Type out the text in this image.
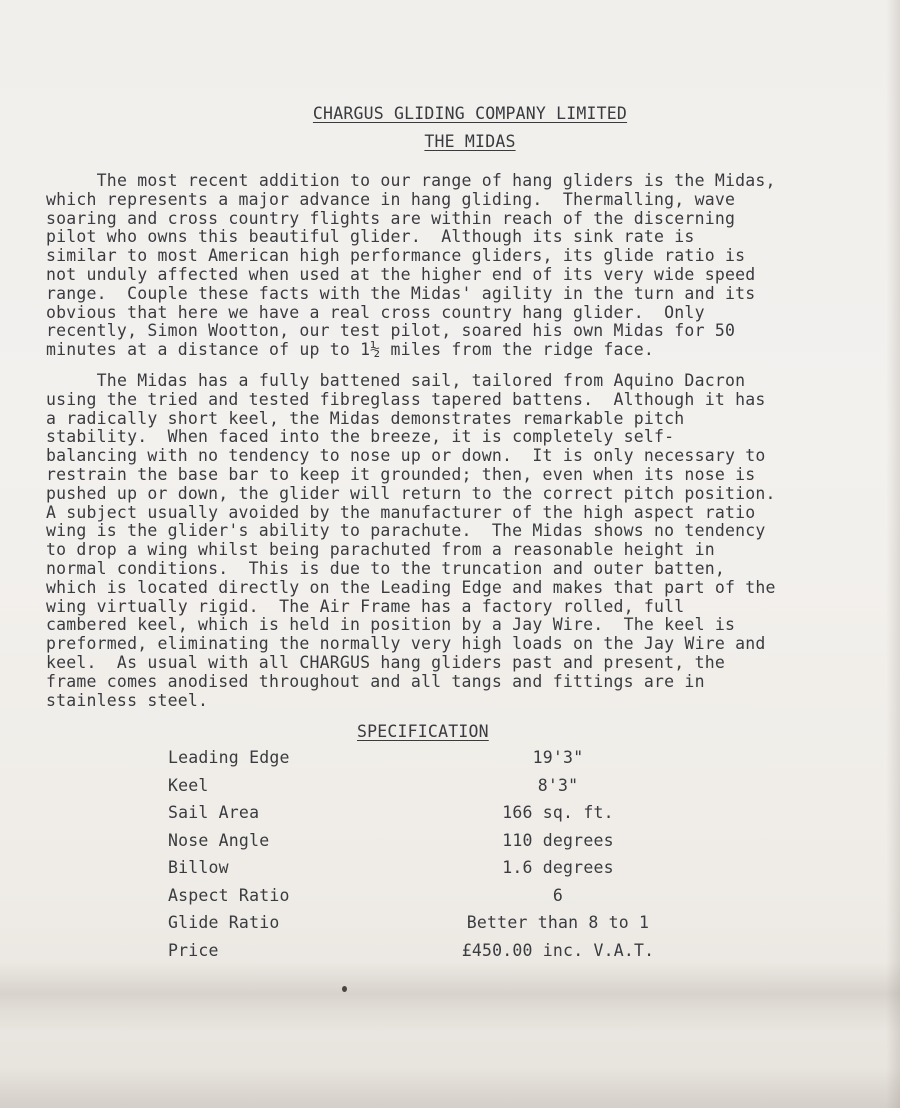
CHARGUS GLIDING COMPANY LIMITED
THE MIDAS

The most recent addition to our range of hang gliders is the Midas,
which represents a major advance in hang gliding.  Thermalling, wave
soaring and cross country flights are within reach of the discerning
pilot who owns this beautiful glider.  Although its sink rate is
similar to most American high performance gliders, its glide ratio is
not unduly affected when used at the higher end of its very wide speed
range.  Couple these facts with the Midas' agility in the turn and its
obvious that here we have a real cross country hang glider.  Only
recently, Simon Wootton, our test pilot, soared his own Midas for 50
minutes at a distance of up to 1½ miles from the ridge face.

The Midas has a fully battened sail, tailored from Aquino Dacron
using the tried and tested fibreglass tapered battens.  Although it has
a radically short keel, the Midas demonstrates remarkable pitch
stability.  When faced into the breeze, it is completely self-
balancing with no tendency to nose up or down.  It is only necessary to
restrain the base bar to keep it grounded; then, even when its nose is
pushed up or down, the glider will return to the correct pitch position.
A subject usually avoided by the manufacturer of the high aspect ratio
wing is the glider's ability to parachute.  The Midas shows no tendency
to drop a wing whilst being parachuted from a reasonable height in
normal conditions.  This is due to the truncation and outer batten,
which is located directly on the Leading Edge and makes that part of the
wing virtually rigid.  The Air Frame has a factory rolled, full
cambered keel, which is held in position by a Jay Wire.  The keel is
preformed, eliminating the normally very high loads on the Jay Wire and
keel.  As usual with all CHARGUS hang gliders past and present, the
frame comes anodised throughout and all tangs and fittings are in
stainless steel.

SPECIFICATION
Leading Edge	19'3"
Keel	8'3"
Sail Area	166 sq. ft.
Nose Angle	110 degrees
Billow	1.6 degrees
Aspect Ratio	6
Glide Ratio	Better than 8 to 1
Price	£450.00 inc. V.A.T.
